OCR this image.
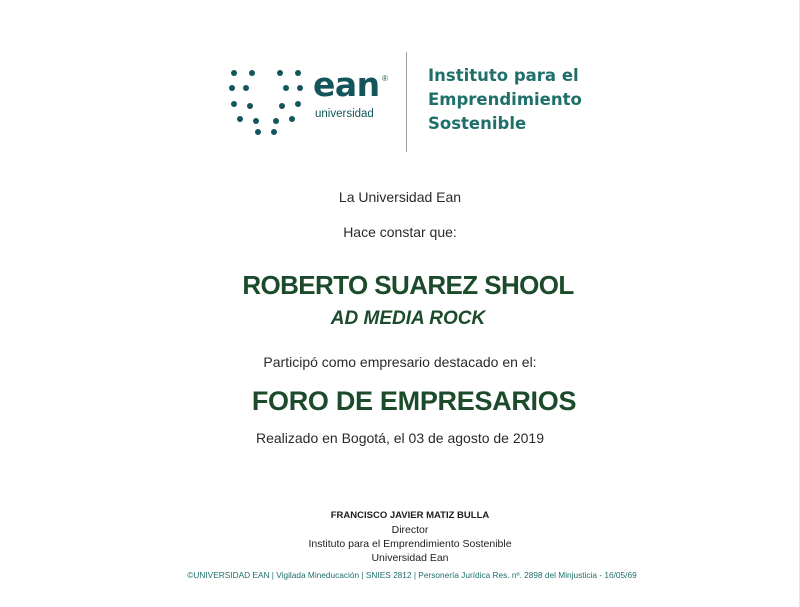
ean ®
universidad
Instituto para el
Emprendimiento
Sostenible
La Universidad Ean
Hace constar que:
ROBERTO SUAREZ SHOOL
AD MEDIA ROCK
Participó como empresario destacado en el:
FORO DE EMPRESARIOS
Realizado en Bogotá, el 03 de agosto de 2019
FRANCISCO JAVIER MATIZ BULLA
Director
Instituto para el Emprendimiento Sostenible
Universidad Ean
©UNIVERSIDAD EAN | Vigilada Mineducación | SNIES 2812 | Personería Jurídica Res. nº. 2898 del Minjusticia - 16/05/69
